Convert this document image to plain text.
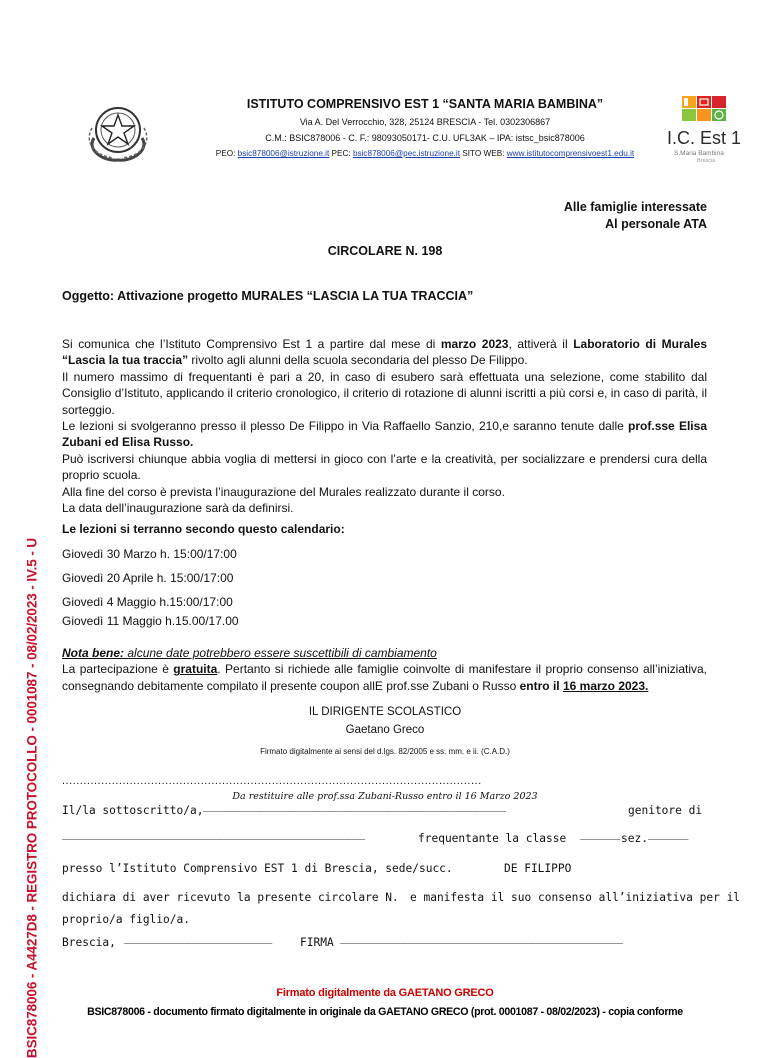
BSIC878006 - A4427D8 - REGISTRO PROTOCOLLO - 0001087 - 08/02/2023 - IV.5 - U
ISTITUTO COMPRENSIVO EST 1 “SANTA MARIA BAMBINA”
Via A. Del Verrocchio, 328, 25124 BRESCIA - Tel. 0302306867
C.M.: BSIC878006 - C. F.: 98093050171- C.U. UFL3AK – IPA: istsc_bsic878006
PEO: bsic878006@istruzione.it PEC: bsic878006@pec.istruzione.it SITO WEB: www.istitutocomprensivoest1.edu.it
I.C. Est 1
S.Maria Bambina
Brescia
Alle famiglie interessate
Al personale ATA
CIRCOLARE N. 198
Oggetto: Attivazione progetto MURALES “LASCIA LA TUA TRACCIA”
Si comunica che l’Istituto Comprensivo Est 1 a partire dal mese di marzo 2023, attiverà il Laboratorio di Murales “Lascia la tua traccia” rivolto agli alunni della scuola secondaria del plesso De Filippo.
Il numero massimo di frequentanti è pari a 20, in caso di esubero sarà effettuata una selezione, come stabilito dal Consiglio d’Istituto, applicando il criterio cronologico, il criterio di rotazione di alunni iscritti a più corsi e, in caso di parità, il sorteggio.
Le lezioni si svolgeranno presso il plesso De Filippo in Via Raffaello Sanzio, 210,e saranno tenute dalle prof.sse Elisa Zubani ed Elisa Russo.
Può iscriversi chiunque abbia voglia di mettersi in gioco con l’arte e la creatività, per socializzare e prendersi cura della proprio scuola.
Alla fine del corso è prevista l’inaugurazione del Murales realizzato durante il corso.
La data dell’inaugurazione sarà da definirsi.
Le lezioni si terranno secondo questo calendario:
Giovedì 30 Marzo h. 15:00/17:00
Giovedì 20 Aprile h. 15:00/17:00
Giovedì 4 Maggio h.15:00/17:00
Giovedì 11 Maggio h.15.00/17.00
Nota bene: alcune date potrebbero essere suscettibili di cambiamento
La partecipazione è gratuita. Pertanto si richiede alle famiglie coinvolte di manifestare il proprio consenso all’iniziativa, consegnando debitamente compilato il presente coupon allE prof.sse Zubani o Russo entro il 16 marzo 2023.
IL DIRIGENTE SCOLASTICO
Gaetano Greco
Firmato digitalmente ai sensi del d.lgs. 82/2005 e ss. mm. e ii. (C.A.D.)
......................................................................................................................
Da restituire alle prof.ssa Zubani-Russo entro il 16 Marzo 2023
Il/la sottoscritto/a, _____________________________________________	genitore di
_____________________________________________	frequentante la classe ______ sez. ______
presso l’Istituto Comprensivo EST 1 di Brescia, sede/succ.	DE FILIPPO
dichiara di aver ricevuto la presente circolare N. e manifesta il suo consenso all’iniziativa per il
proprio/a figlio/a.
Brescia, ______________________ FIRMA __________________________________________
Firmato digitalmente da GAETANO GRECO
BSIC878006 - documento firmato digitalmente in originale da GAETANO GRECO (prot. 0001087 - 08/02/2023) - copia conforme
